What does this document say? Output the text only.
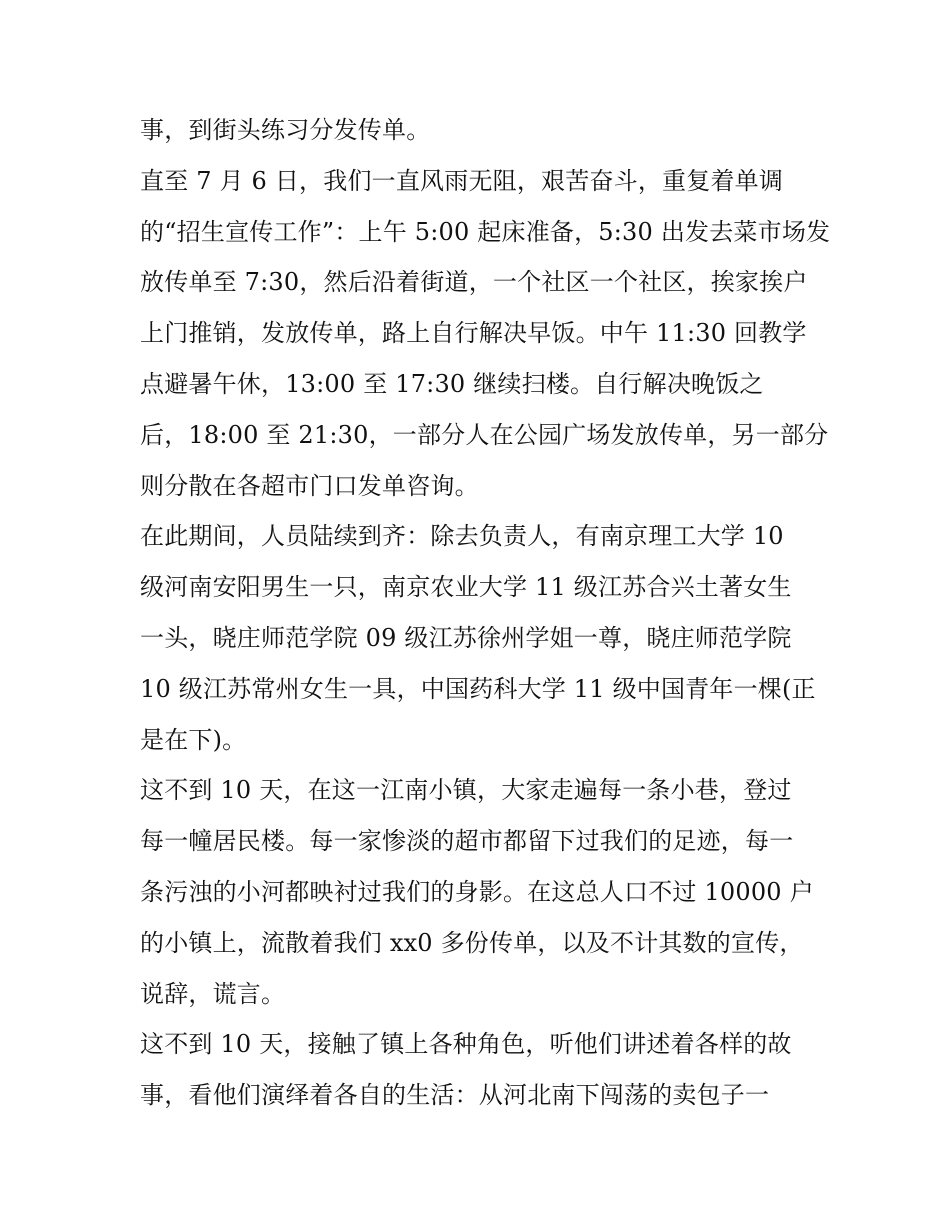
事，到街头练习分发传单。
直至 7 月 6 日，我们一直风雨无阻，艰苦奋斗，重复着单调
的“招生宣传工作”：上午 5:00 起床准备，5:30 出发去菜市场发
放传单至 7:30，然后沿着街道，一个社区一个社区，挨家挨户
上门推销，发放传单，路上自行解决早饭。中午 11:30 回教学
点避暑午休，13:00 至 17:30 继续扫楼。自行解决晚饭之
后，18:00 至 21:30，一部分人在公园广场发放传单，另一部分
则分散在各超市门口发单咨询。
在此期间，人员陆续到齐：除去负责人，有南京理工大学 10
级河南安阳男生一只，南京农业大学 11 级江苏合兴土著女生
一头，晓庄师范学院 09 级江苏徐州学姐一尊，晓庄师范学院
10 级江苏常州女生一具，中国药科大学 11 级中国青年一棵(正
是在下)。
这不到 10 天，在这一江南小镇，大家走遍每一条小巷，登过
每一幢居民楼。每一家惨淡的超市都留下过我们的足迹，每一
条污浊的小河都映衬过我们的身影。在这总人口不过 10000 户
的小镇上，流散着我们 xx0 多份传单，以及不计其数的宣传，
说辞，谎言。
这不到 10 天，接触了镇上各种角色，听他们讲述着各样的故
事，看他们演绎着各自的生活：从河北南下闯荡的卖包子一
